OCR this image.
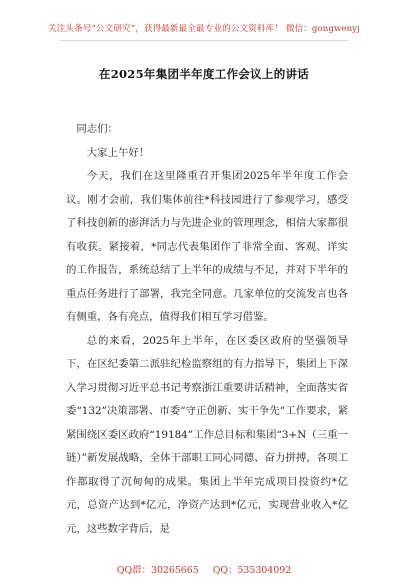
关注头条号“公文研究”，获得最新最全最专业的公文资料库！ 微信：gongwenyj
在2025年集团半年度工作会议上的讲话

同志们：

大家上午好！

今天，我们在这里隆重召开集团2025年半年度工作会议。刚才会前，我们集体前往*科技园进行了参观学习，感受了科技创新的澎湃活力与先进企业的管理理念，相信大家都很有收获。紧接着，*同志代表集团作了非常全面、客观、详实的工作报告，系统总结了上半年的成绩与不足，并对下半年的重点任务进行了部署，我完全同意。几家单位的交流发言也各有侧重，各有亮点，值得我们相互学习借鉴。

总的来看，2025年上半年，在区委区政府的坚强领导下，在区纪委第二派驻纪检监察组的有力指导下，集团上下深入学习贯彻习近平总书记考察浙江重要讲话精神，全面落实省委“132”决策部署、市委“守正创新、实干争先”工作要求，紧紧围绕区委区政府“19184”工作总目标和集团“3+N（三重一链）”新发展战略，全体干部职工同心同德、奋力拼搏，各项工作都取得了沉甸甸的成果。集团上半年完成项目投资约*亿元，总资产达到*亿元，净资产达到*亿元，实现营业收入*亿元，这些数字背后，是

QQ群：30265665 QQ：535304092
